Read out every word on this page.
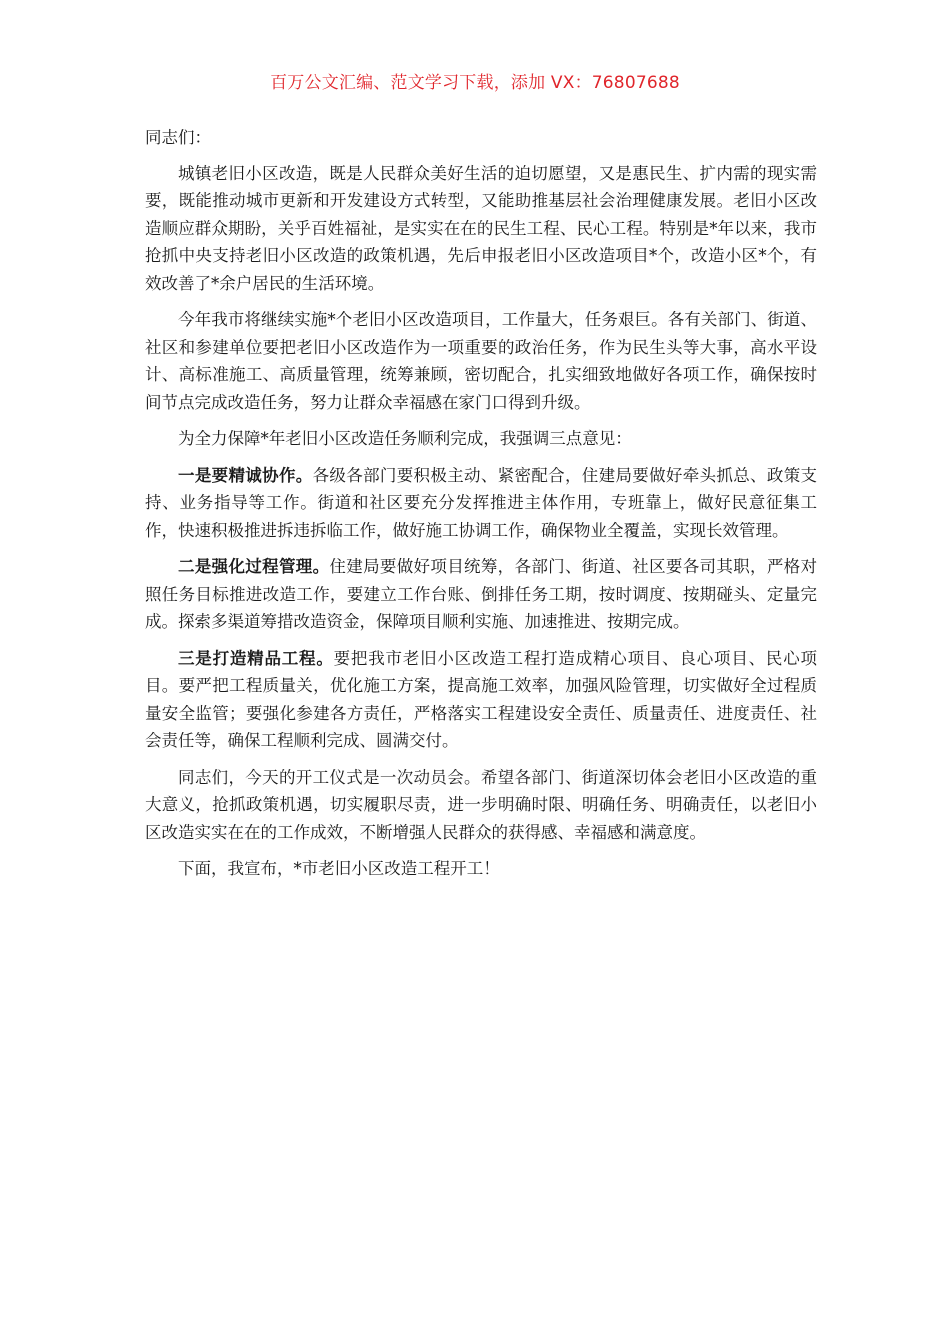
百万公文汇编、范文学习下载，添加 VX：76807688

同志们：

城镇老旧小区改造，既是人民群众美好生活的迫切愿望，又是惠民生、扩内需的现实需要，既能推动城市更新和开发建设方式转型，又能助推基层社会治理健康发展。老旧小区改造顺应群众期盼，关乎百姓福祉，是实实在在的民生工程、民心工程。特别是*年以来，我市抢抓中央支持老旧小区改造的政策机遇，先后申报老旧小区改造项目*个，改造小区*个，有效改善了*余户居民的生活环境。

今年我市将继续实施*个老旧小区改造项目，工作量大，任务艰巨。各有关部门、街道、社区和参建单位要把老旧小区改造作为一项重要的政治任务，作为民生头等大事，高水平设计、高标准施工、高质量管理，统筹兼顾，密切配合，扎实细致地做好各项工作，确保按时间节点完成改造任务，努力让群众幸福感在家门口得到升级。

为全力保障*年老旧小区改造任务顺利完成，我强调三点意见：

一是要精诚协作。各级各部门要积极主动、紧密配合，住建局要做好牵头抓总、政策支持、业务指导等工作。街道和社区要充分发挥推进主体作用，专班靠上，做好民意征集工作，快速积极推进拆违拆临工作，做好施工协调工作，确保物业全覆盖，实现长效管理。

二是强化过程管理。住建局要做好项目统筹，各部门、街道、社区要各司其职，严格对照任务目标推进改造工作，要建立工作台账、倒排任务工期，按时调度、按期碰头、定量完成。探索多渠道筹措改造资金，保障项目顺利实施、加速推进、按期完成。

三是打造精品工程。要把我市老旧小区改造工程打造成精心项目、良心项目、民心项目。要严把工程质量关，优化施工方案，提高施工效率，加强风险管理，切实做好全过程质量安全监管；要强化参建各方责任，严格落实工程建设安全责任、质量责任、进度责任、社会责任等，确保工程顺利完成、圆满交付。

同志们，今天的开工仪式是一次动员会。希望各部门、街道深切体会老旧小区改造的重大意义，抢抓政策机遇，切实履职尽责，进一步明确时限、明确任务、明确责任，以老旧小区改造实实在在的工作成效，不断增强人民群众的获得感、幸福感和满意度。

下面，我宣布，*市老旧小区改造工程开工！
